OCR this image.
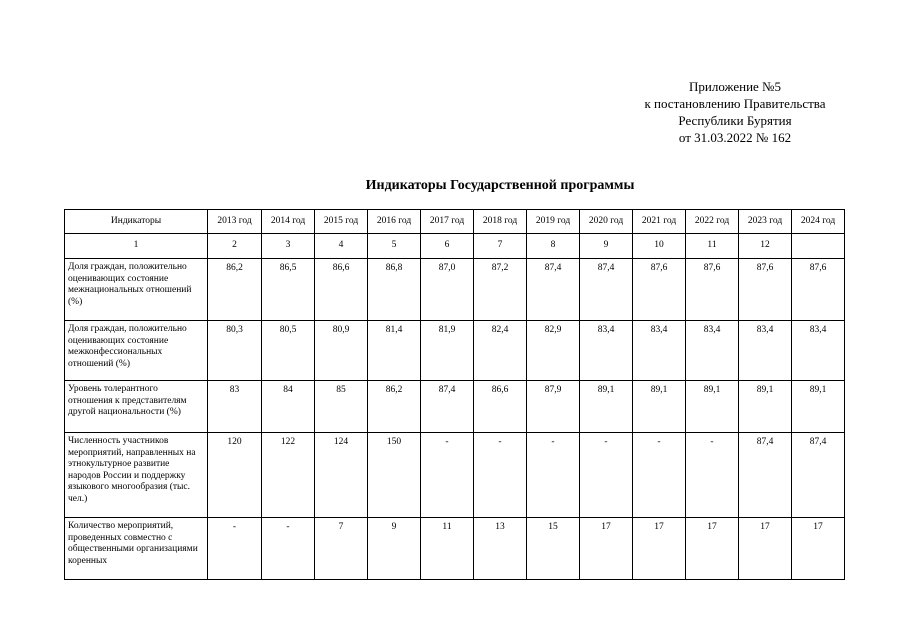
Приложение №5
к постановлению Правительства
Республики Бурятия
от 31.03.2022 № 162
Индикаторы Государственной программы
Индикаторы	2013 год	2014 год	2015 год	2016 год	2017 год	2018 год	2019 год	2020 год	2021 год	2022 год	2023 год	2024 год
1	2	3	4	5	6	7	8	9	10	11	12	
Доля граждан, положительно оценивающих состояние межнациональных отношений (%)	86,2	86,5	86,6	86,8	87,0	87,2	87,4	87,4	87,6	87,6	87,6	87,6
Доля граждан, положительно оценивающих состояние межконфессиональных отношений (%)	80,3	80,5	80,9	81,4	81,9	82,4	82,9	83,4	83,4	83,4	83,4	83,4
Уровень толерантного отношения к представителям другой национальности (%)	83	84	85	86,2	87,4	86,6	87,9	89,1	89,1	89,1	89,1	89,1
Численность участников мероприятий, направленных на этнокультурное развитие народов России и поддержку языкового многообразия (тыс. чел.)	120	122	124	150	-	-	-	-	-	-	87,4	87,4
Количество мероприятий, проведенных совместно с общественными организациями коренных	-	-	7	9	11	13	15	17	17	17	17	17
